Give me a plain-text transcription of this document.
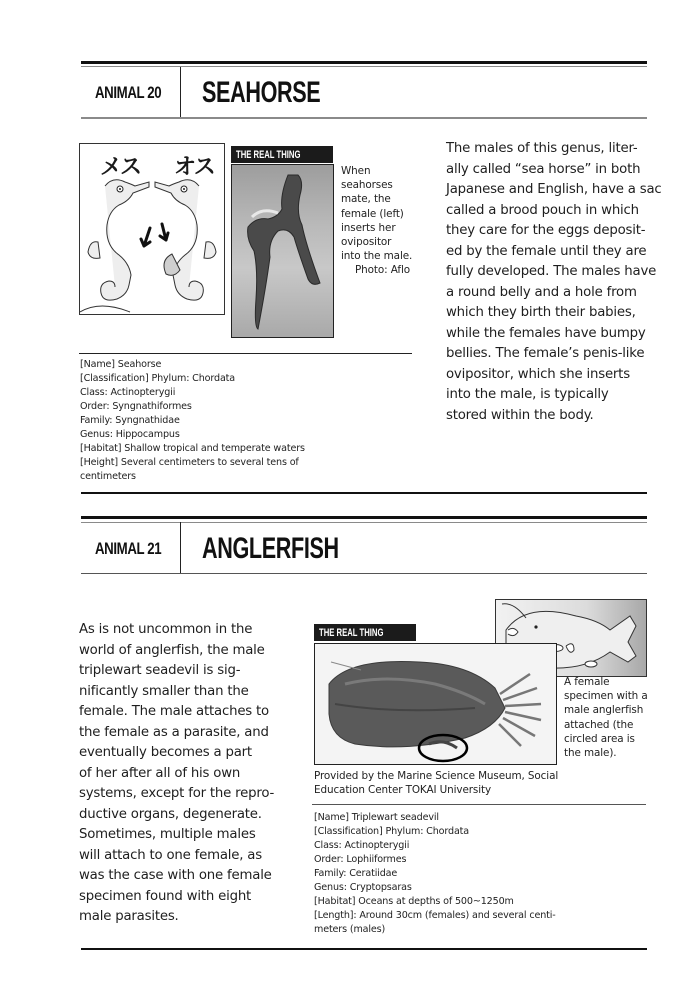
ANIMAL 20 SEAHORSE
メス オス	THE REAL THING
When
seahorses
mate, the
female (left)
inserts her
ovipositor
into the male.
Photo: Aflo
[Name] Seahorse
[Classification] Phylum: Chordata
Class: Actinopterygii
Order: Syngnathiformes
Family: Syngnathidae
Genus: Hippocampus
[Habitat] Shallow tropical and temperate waters
[Height] Several centimeters to several tens of
centimeters
The males of this genus, liter-
ally called “sea horse” in both
Japanese and English, have a sac
called a brood pouch in which
they care for the eggs deposit-
ed by the female until they are
fully developed. The males have
a round belly and a hole from
which they birth their babies,
while the females have bumpy
bellies. The female’s penis-like
ovipositor, which she inserts
into the male, is typically
stored within the body.
ANIMAL 21 ANGLERFISH
As is not uncommon in the
world of anglerfish, the male
triplewart seadevil is sig-
nificantly smaller than the
female. The male attaches to
the female as a parasite, and
eventually becomes a part
of her after all of his own
systems, except for the repro-
ductive organs, degenerate.
Sometimes, multiple males
will attach to one female, as
was the case with one female
specimen found with eight
male parasites.
A female
specimen with a
male anglerfish
attached (the
circled area is
the male).
THE REAL THING
Provided by the Marine Science Museum, Social
Education Center TOKAI University
[Name] Triplewart seadevil
[Classification] Phylum: Chordata
Class: Actinopterygii
Order: Lophiiformes
Family: Ceratiidae
Genus: Cryptopsaras
[Habitat] Oceans at depths of 500~1250m
[Length]: Around 30cm (females) and several centi-
meters (males)
